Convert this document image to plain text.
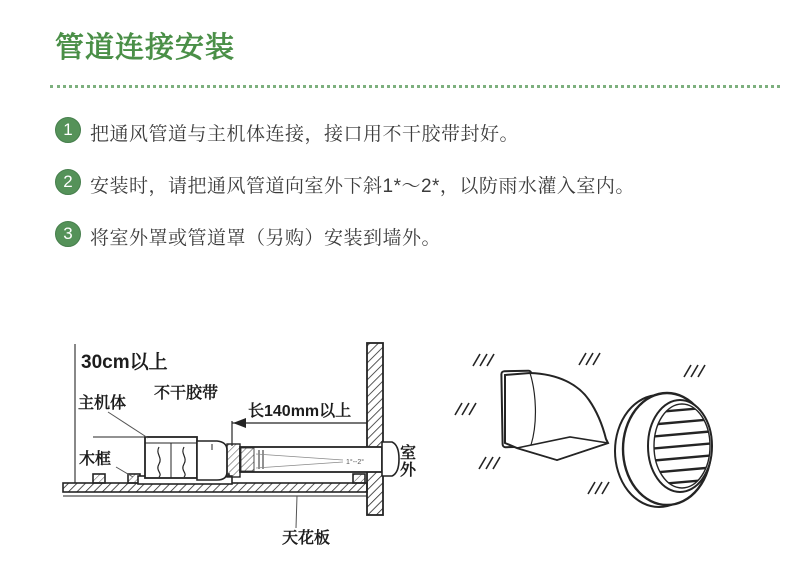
管道连接安装
1 把通风管道与主机体连接，接口用不干胶带封好。
2 安装时，请把通风管道向室外下斜1*～2*，以防雨水灌入室内。
3 将室外罩或管道罩（另购）安装到墙外。
30cm以上
主机体
不干胶带
长140mm以上
木框	室
外
天花板
1°--2°
